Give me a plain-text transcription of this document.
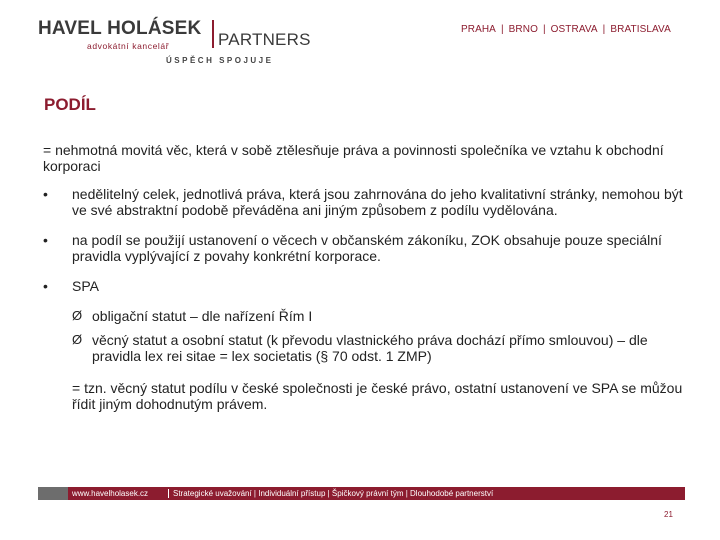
HAVEL HOLÁSEK
advokátní kancelář	PARTNERS
ÚSPĚCH SPOJUJE
PRAHA | BRNO | OSTRAVA | BRATISLAVA
PODÍL

= nehmotná movitá věc, která v sobě ztělesňuje práva a povinnosti společníka ve vztahu k obchodní korporaci

• nedělitelný celek, jednotlivá práva, která jsou zahrnována do jeho kvalitativní stránky, nemohou být ve své abstraktní podobě převáděna ani jiným způsobem z podílu vydělována.
• na podíl se použijí ustanovení o věcech v občanském zákoníku, ZOK obsahuje pouze speciální pravidla vyplývající z povahy konkrétní korporace.
• SPA
Ø obligační statut – dle nařízení Řím I
Ø věcný statut a osobní statut (k převodu vlastnického práva dochází přímo smlouvou) – dle pravidla lex rei sitae = lex societatis (§ 70 odst. 1 ZMP)

= tzn. věcný statut podílu v české společnosti je české právo, ostatní ustanovení ve SPA se můžou řídit jiným dohodnutým právem.

www.havelholasek.cz	Strategické uvažování | Individuální přístup | Špičkový právní tým | Dlouhodobé partnerství
21
